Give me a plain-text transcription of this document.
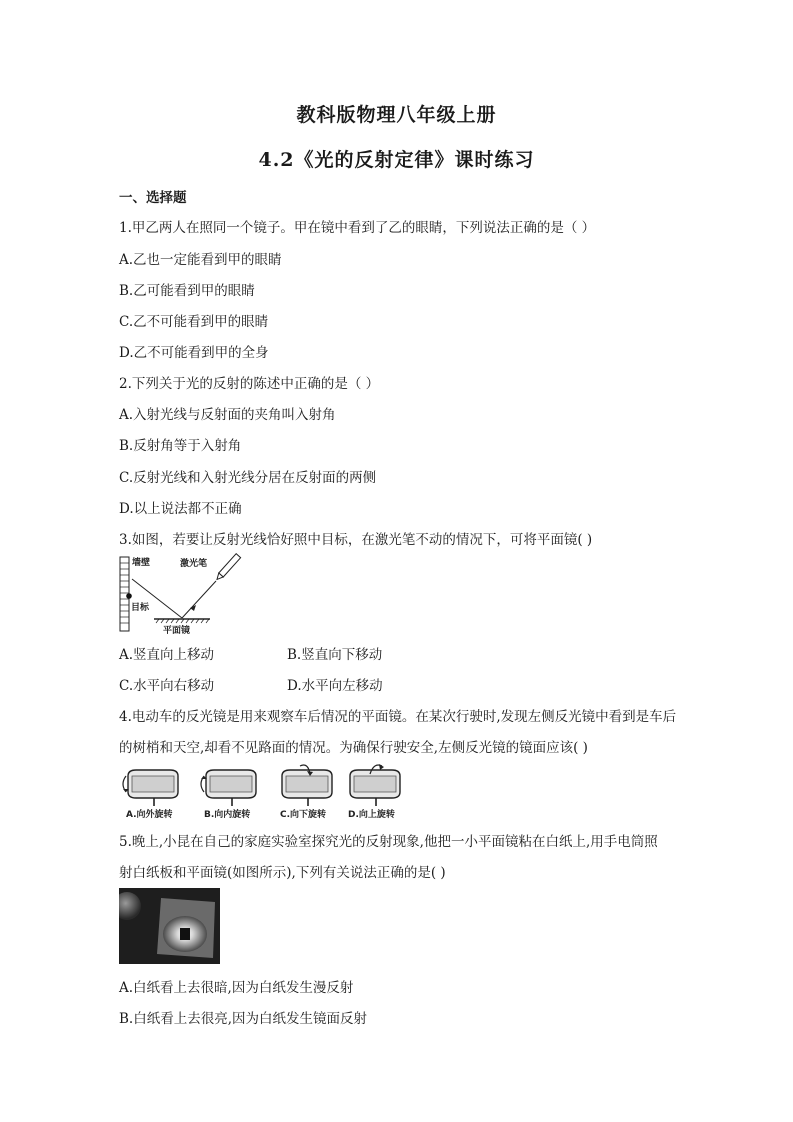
教科版物理八年级上册
4.2《光的反射定律》课时练习
一、选择题
1.甲乙两人在照同一个镜子。甲在镜中看到了乙的眼睛，下列说法正确的是（ ）
A.乙也一定能看到甲的眼睛
B.乙可能看到甲的眼睛
C.乙不可能看到甲的眼睛
D.乙不可能看到甲的全身
2.下列关于光的反射的陈述中正确的是（ ）
A.入射光线与反射面的夹角叫入射角
B.反射角等于入射角
C.反射光线和入射光线分居在反射面的两侧
D.以上说法都不正确
3.如图，若要让反射光线恰好照中目标，在激光笔不动的情况下，可将平面镜( )
墙壁
目标
激光笔
平面镜
A.竖直向上移动	B.竖直向下移动
C.水平向右移动	D.水平向左移动
4.电动车的反光镜是用来观察车后情况的平面镜。在某次行驶时,发现左侧反光镜中看到是车后
的树梢和天空,却看不见路面的情况。为确保行驶安全,左侧反光镜的镜面应该( )
A.向外旋转	B.向内旋转	C.向下旋转 D.向上旋转
5.晚上,小昆在自己的家庭实验室探究光的反射现象,他把一小平面镜粘在白纸上,用手电筒照
射白纸板和平面镜(如图所示),下列有关说法正确的是( )
A.白纸看上去很暗,因为白纸发生漫反射
B.白纸看上去很亮,因为白纸发生镜面反射
